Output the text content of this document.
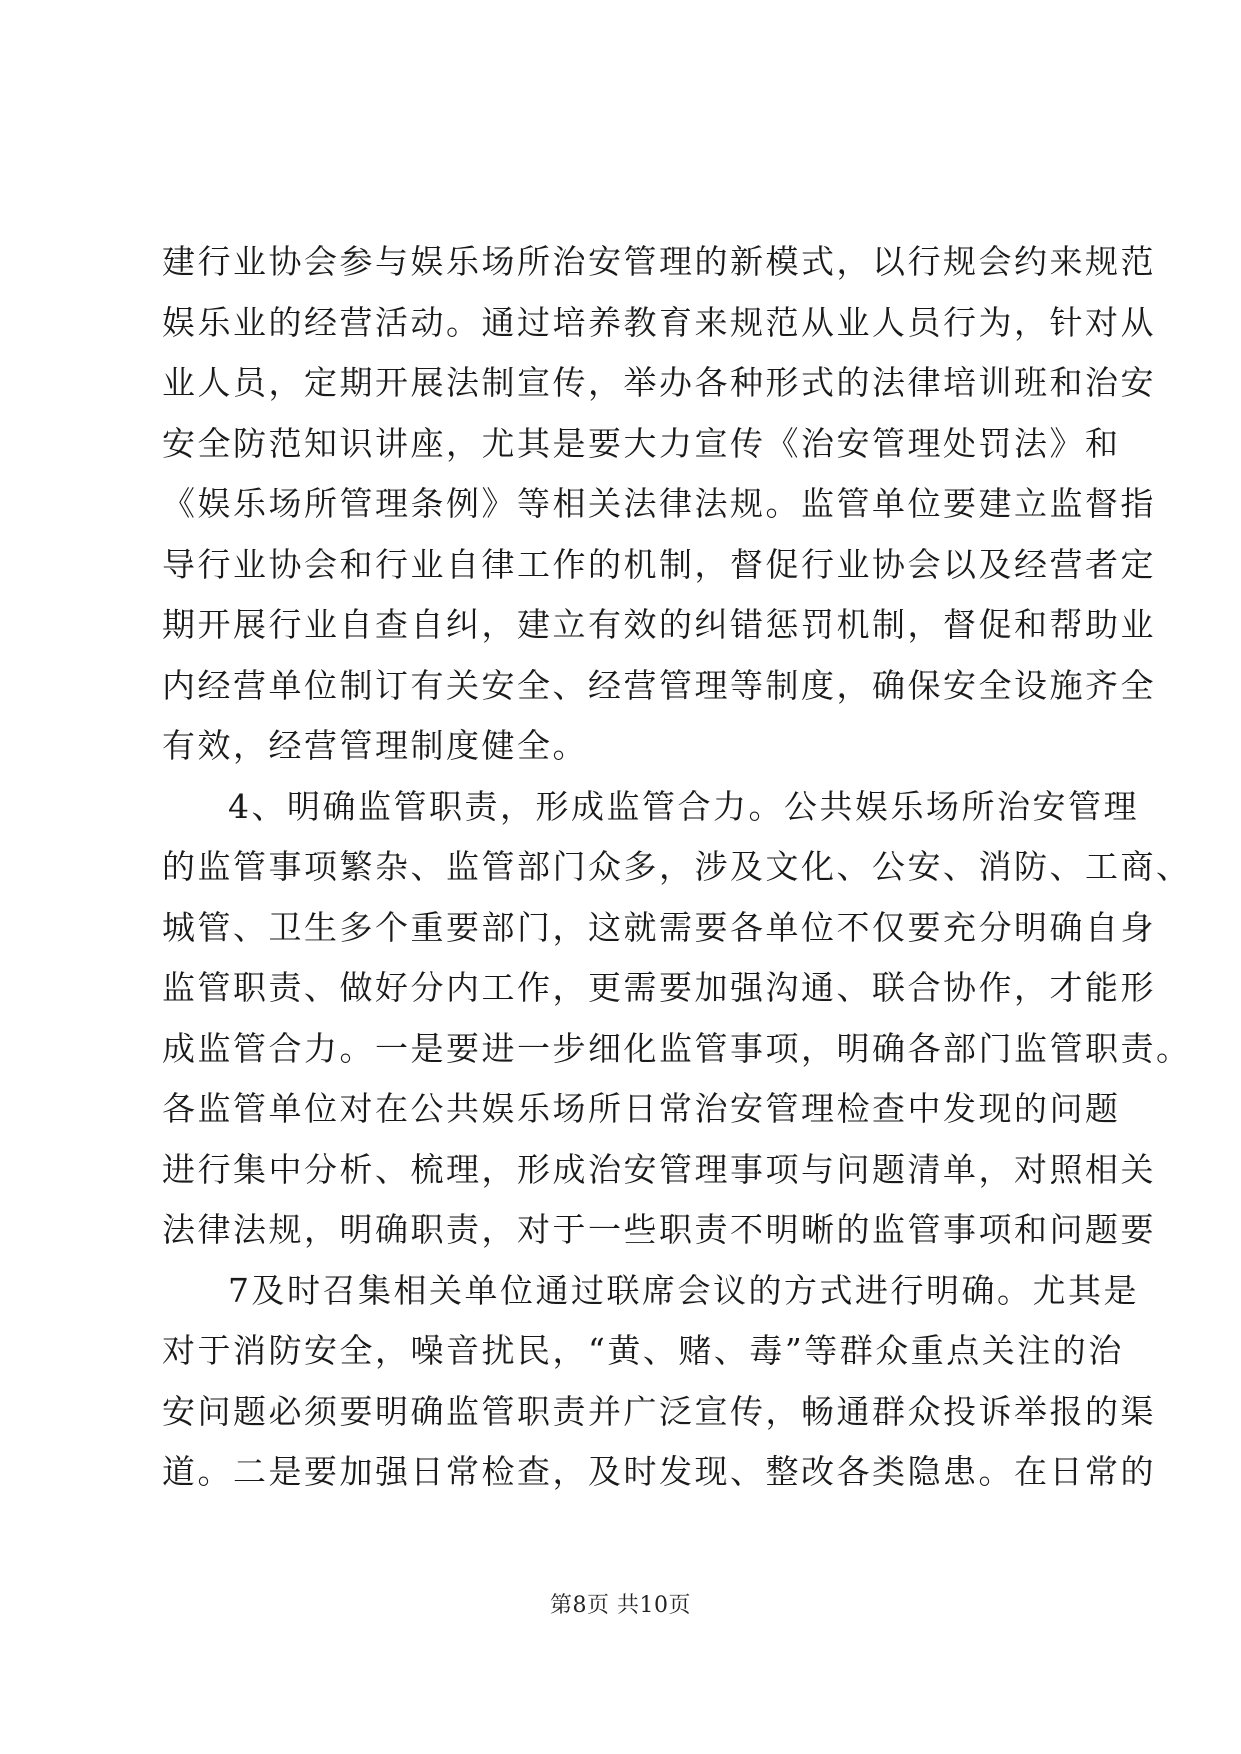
建行业协会参与娱乐场所治安管理的新模式，以行规会约来规范
娱乐业的经营活动。通过培养教育来规范从业人员行为，针对从
业人员，定期开展法制宣传，举办各种形式的法律培训班和治安
安全防范知识讲座，尤其是要大力宣传《治安管理处罚法》和
《娱乐场所管理条例》等相关法律法规。监管单位要建立监督指
导行业协会和行业自律工作的机制，督促行业协会以及经营者定
期开展行业自查自纠，建立有效的纠错惩罚机制，督促和帮助业
内经营单位制订有关安全、经营管理等制度，确保安全设施齐全
有效，经营管理制度健全。
4、明确监管职责，形成监管合力。公共娱乐场所治安管理
的监管事项繁杂、监管部门众多，涉及文化、公安、消防、工商、
城管、卫生多个重要部门，这就需要各单位不仅要充分明确自身
监管职责、做好分内工作，更需要加强沟通、联合协作，才能形
成监管合力。一是要进一步细化监管事项，明确各部门监管职责。
各监管单位对在公共娱乐场所日常治安管理检查中发现的问题
进行集中分析、梳理，形成治安管理事项与问题清单，对照相关
法律法规，明确职责，对于一些职责不明晰的监管事项和问题要
7及时召集相关单位通过联席会议的方式进行明确。尤其是
对于消防安全，噪音扰民，“黄、赌、毒”等群众重点关注的治
安问题必须要明确监管职责并广泛宣传，畅通群众投诉举报的渠
道。二是要加强日常检查，及时发现、整改各类隐患。在日常的
第8页 共10页
